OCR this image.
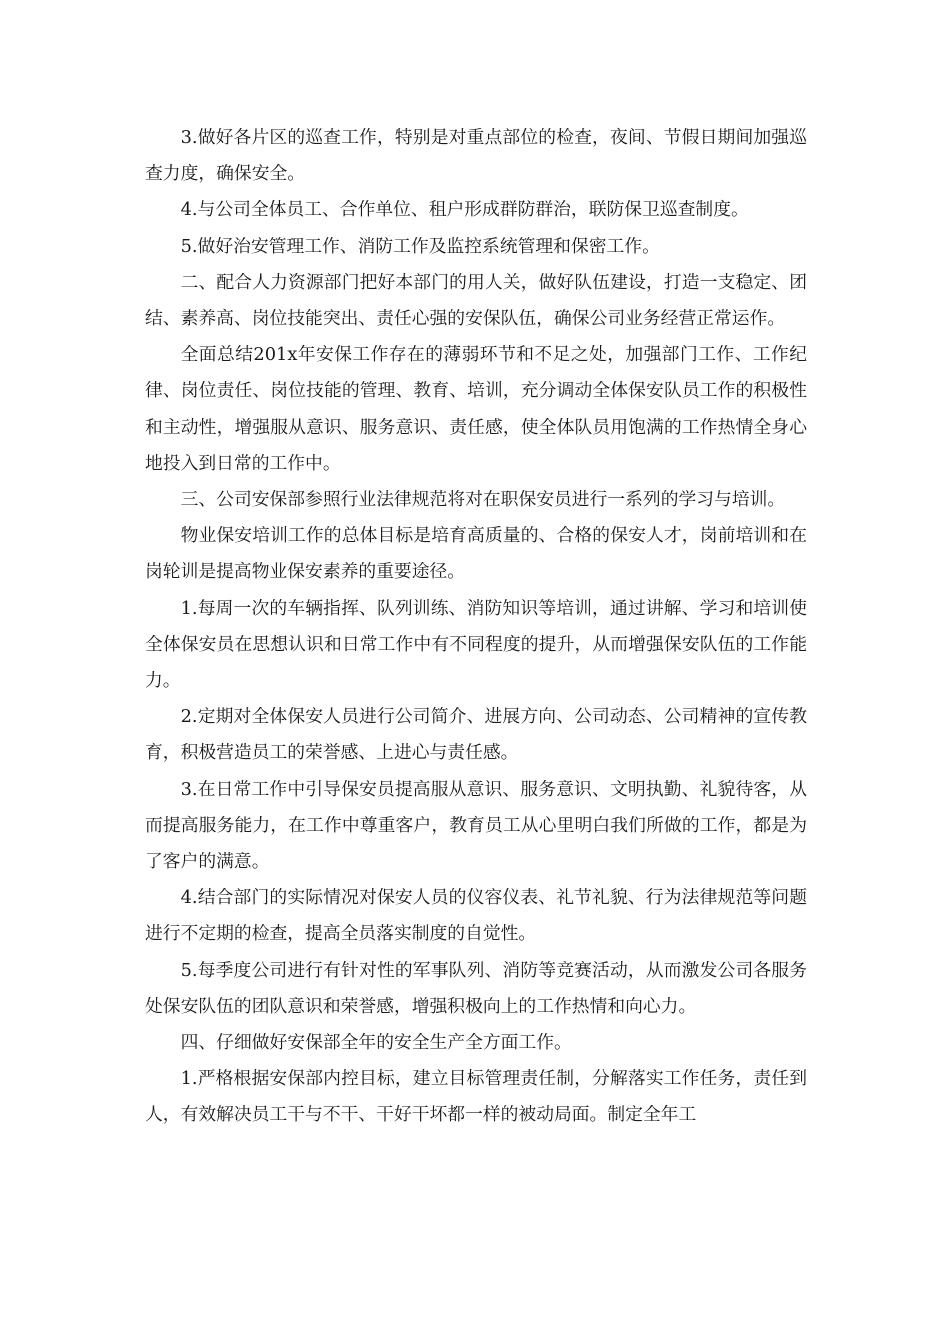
3.做好各片区的巡查工作，特别是对重点部位的检查，夜间、节假日期间加强巡查力度，确保安全。

4.与公司全体员工、合作单位、租户形成群防群治，联防保卫巡查制度。

5.做好治安管理工作、消防工作及监控系统管理和保密工作。

二、配合人力资源部门把好本部门的用人关，做好队伍建设，打造一支稳定、团结、素养高、岗位技能突出、责任心强的安保队伍，确保公司业务经营正常运作。

全面总结201x年安保工作存在的薄弱环节和不足之处，加强部门工作、工作纪律、岗位责任、岗位技能的管理、教育、培训，充分调动全体保安队员工作的积极性和主动性，增强服从意识、服务意识、责任感，使全体队员用饱满的工作热情全身心地投入到日常的工作中。

三、公司安保部参照行业法律规范将对在职保安员进行一系列的学习与培训。

物业保安培训工作的总体目标是培育高质量的、合格的保安人才，岗前培训和在岗轮训是提高物业保安素养的重要途径。

1.每周一次的车辆指挥、队列训练、消防知识等培训，通过讲解、学习和培训使全体保安员在思想认识和日常工作中有不同程度的提升，从而增强保安队伍的工作能力。

2.定期对全体保安人员进行公司简介、进展方向、公司动态、公司精神的宣传教育，积极营造员工的荣誉感、上进心与责任感。

3.在日常工作中引导保安员提高服从意识、服务意识、文明执勤、礼貌待客，从而提高服务能力，在工作中尊重客户，教育员工从心里明白我们所做的工作，都是为了客户的满意。

4.结合部门的实际情况对保安人员的仪容仪表、礼节礼貌、行为法律规范等问题进行不定期的检查，提高全员落实制度的自觉性。

5.每季度公司进行有针对性的军事队列、消防等竞赛活动，从而激发公司各服务处保安队伍的团队意识和荣誉感，增强积极向上的工作热情和向心力。

四、仔细做好安保部全年的安全生产全方面工作。

1.严格根据安保部内控目标，建立目标管理责任制，分解落实工作任务，责任到人，有效解决员工干与不干、干好干坏都一样的被动局面。制定全年工
